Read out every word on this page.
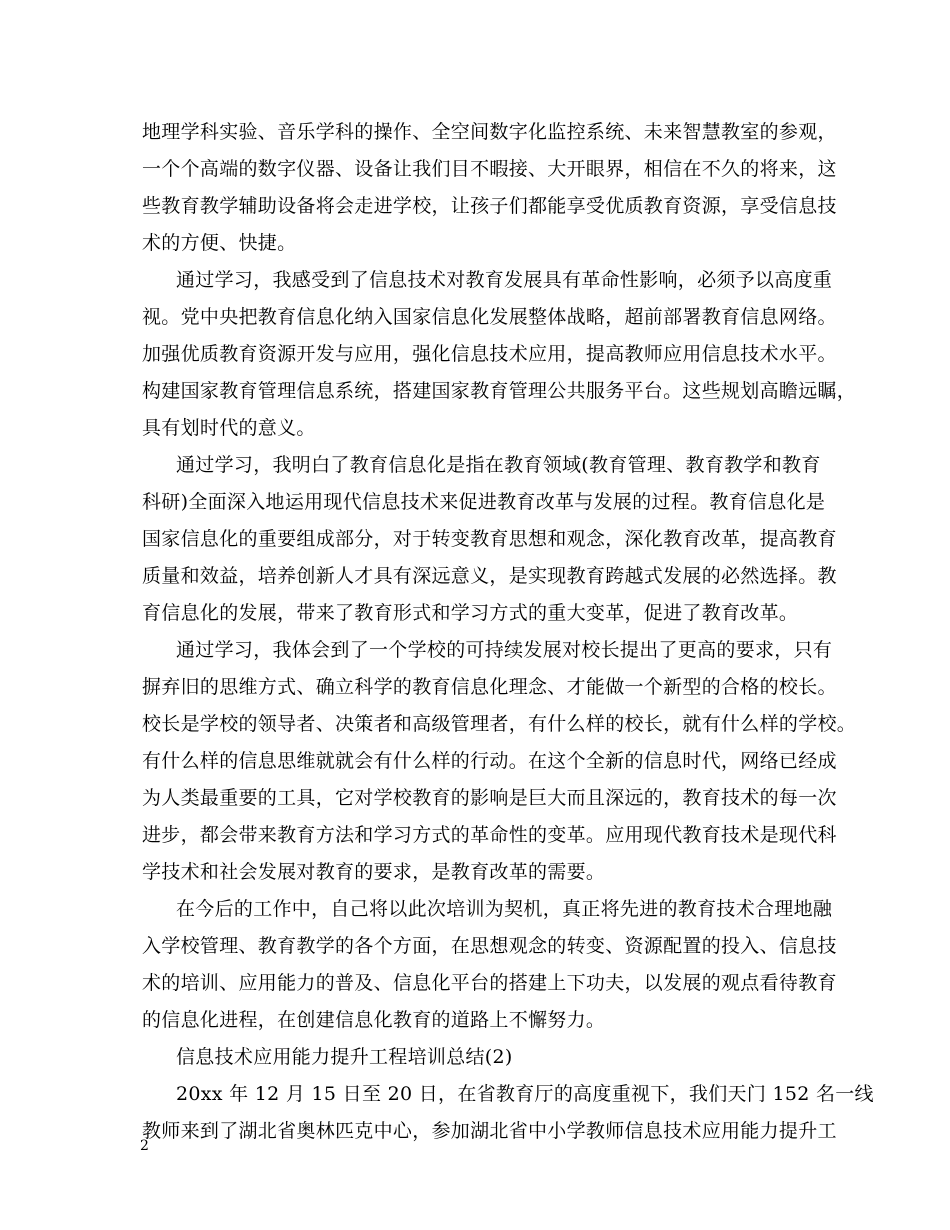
地理学科实验、音乐学科的操作、全空间数字化监控系统、未来智慧教室的参观，
一个个高端的数字仪器、设备让我们目不暇接、大开眼界，相信在不久的将来，这
些教育教学辅助设备将会走进学校，让孩子们都能享受优质教育资源，享受信息技
术的方便、快捷。
通过学习，我感受到了信息技术对教育发展具有革命性影响，必须予以高度重
视。党中央把教育信息化纳入国家信息化发展整体战略，超前部署教育信息网络。
加强优质教育资源开发与应用，强化信息技术应用，提高教师应用信息技术水平。
构建国家教育管理信息系统，搭建国家教育管理公共服务平台。这些规划高瞻远瞩，
具有划时代的意义。
通过学习，我明白了教育信息化是指在教育领域(教育管理、教育教学和教育
科研)全面深入地运用现代信息技术来促进教育改革与发展的过程。教育信息化是
国家信息化的重要组成部分，对于转变教育思想和观念，深化教育改革，提高教育
质量和效益，培养创新人才具有深远意义，是实现教育跨越式发展的必然选择。教
育信息化的发展，带来了教育形式和学习方式的重大变革，促进了教育改革。
通过学习，我体会到了一个学校的可持续发展对校长提出了更高的要求，只有
摒弃旧的思维方式、确立科学的教育信息化理念、才能做一个新型的合格的校长。
校长是学校的领导者、决策者和高级管理者，有什么样的校长，就有什么样的学校。
有什么样的信息思维就就会有什么样的行动。在这个全新的信息时代，网络已经成
为人类最重要的工具，它对学校教育的影响是巨大而且深远的，教育技术的每一次
进步，都会带来教育方法和学习方式的革命性的变革。应用现代教育技术是现代科
学技术和社会发展对教育的要求，是教育改革的需要。
在今后的工作中，自己将以此次培训为契机，真正将先进的教育技术合理地融
入学校管理、教育教学的各个方面，在思想观念的转变、资源配置的投入、信息技
术的培训、应用能力的普及、信息化平台的搭建上下功夫，以发展的观点看待教育
的信息化进程，在创建信息化教育的道路上不懈努力。
信息技术应用能力提升工程培训总结(2)
20xx 年 12 月 15 日至 20 日，在省教育厅的高度重视下，我们天门 152 名一线
教师来到了湖北省奥林匹克中心，参加湖北省中小学教师信息技术应用能力提升工
2
